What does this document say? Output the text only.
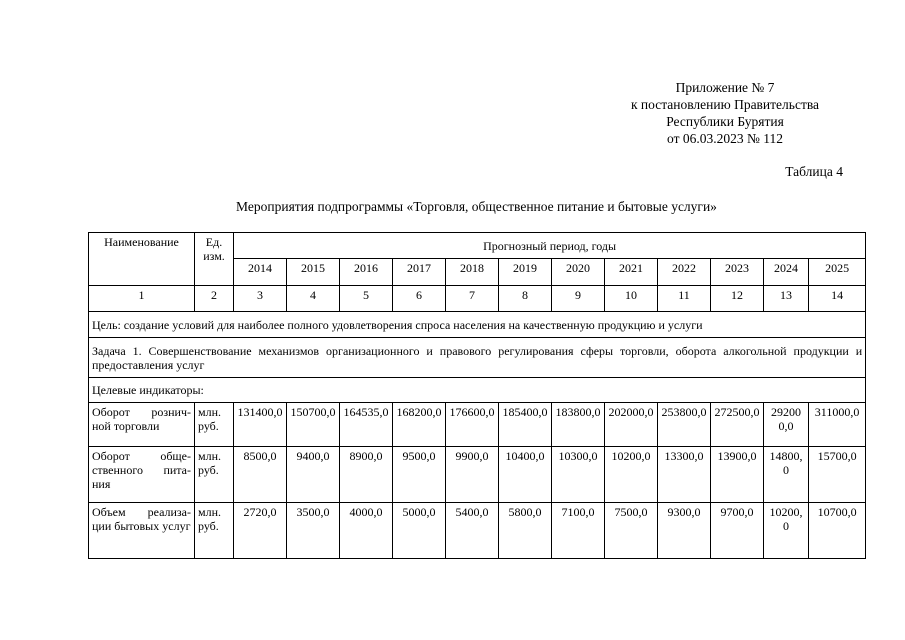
Приложение № 7
к постановлению Правительства
Республики Бурятия
от 06.03.2023 № 112
Таблица 4
Мероприятия подпрограммы «Торговля, общественное питание и бытовые услуги»
Наименование	Ед. изм.	Прогнозный период, годы											
		2014	2015	2016	2017	2018	2019	2020	2021	2022	2023	2024	2025
1	2	3	4	5	6	7	8	9	10	11	12	13	14
Цель: создание условий для наиболее полного удовлетворения спроса населения на качественную продукцию и услуги													
Задача 1. Совершенствование механизмов организационного и правового регулирования сферы торговли, оборота алкогольной продукции и предоставления услуг													
Целевые индикаторы:													
Оборот рознич-ной торговли	млн. руб.	131400,0	150700,0	164535,0	168200,0	176600,0	185400,0	183800,0	202000,0	253800,0	272500,0	292000,0	311000,0
Оборот обще-ственного пита-ния	млн. руб.	8500,0	9400,0	8900,0	9500,0	9900,0	10400,0	10300,0	10200,0	13300,0	13900,0	14800,0	15700,0
Объем реализа-ции бытовых услуг	млн. руб.	2720,0	3500,0	4000,0	5000,0	5400,0	5800,0	7100,0	7500,0	9300,0	9700,0	10200,0	10700,0
